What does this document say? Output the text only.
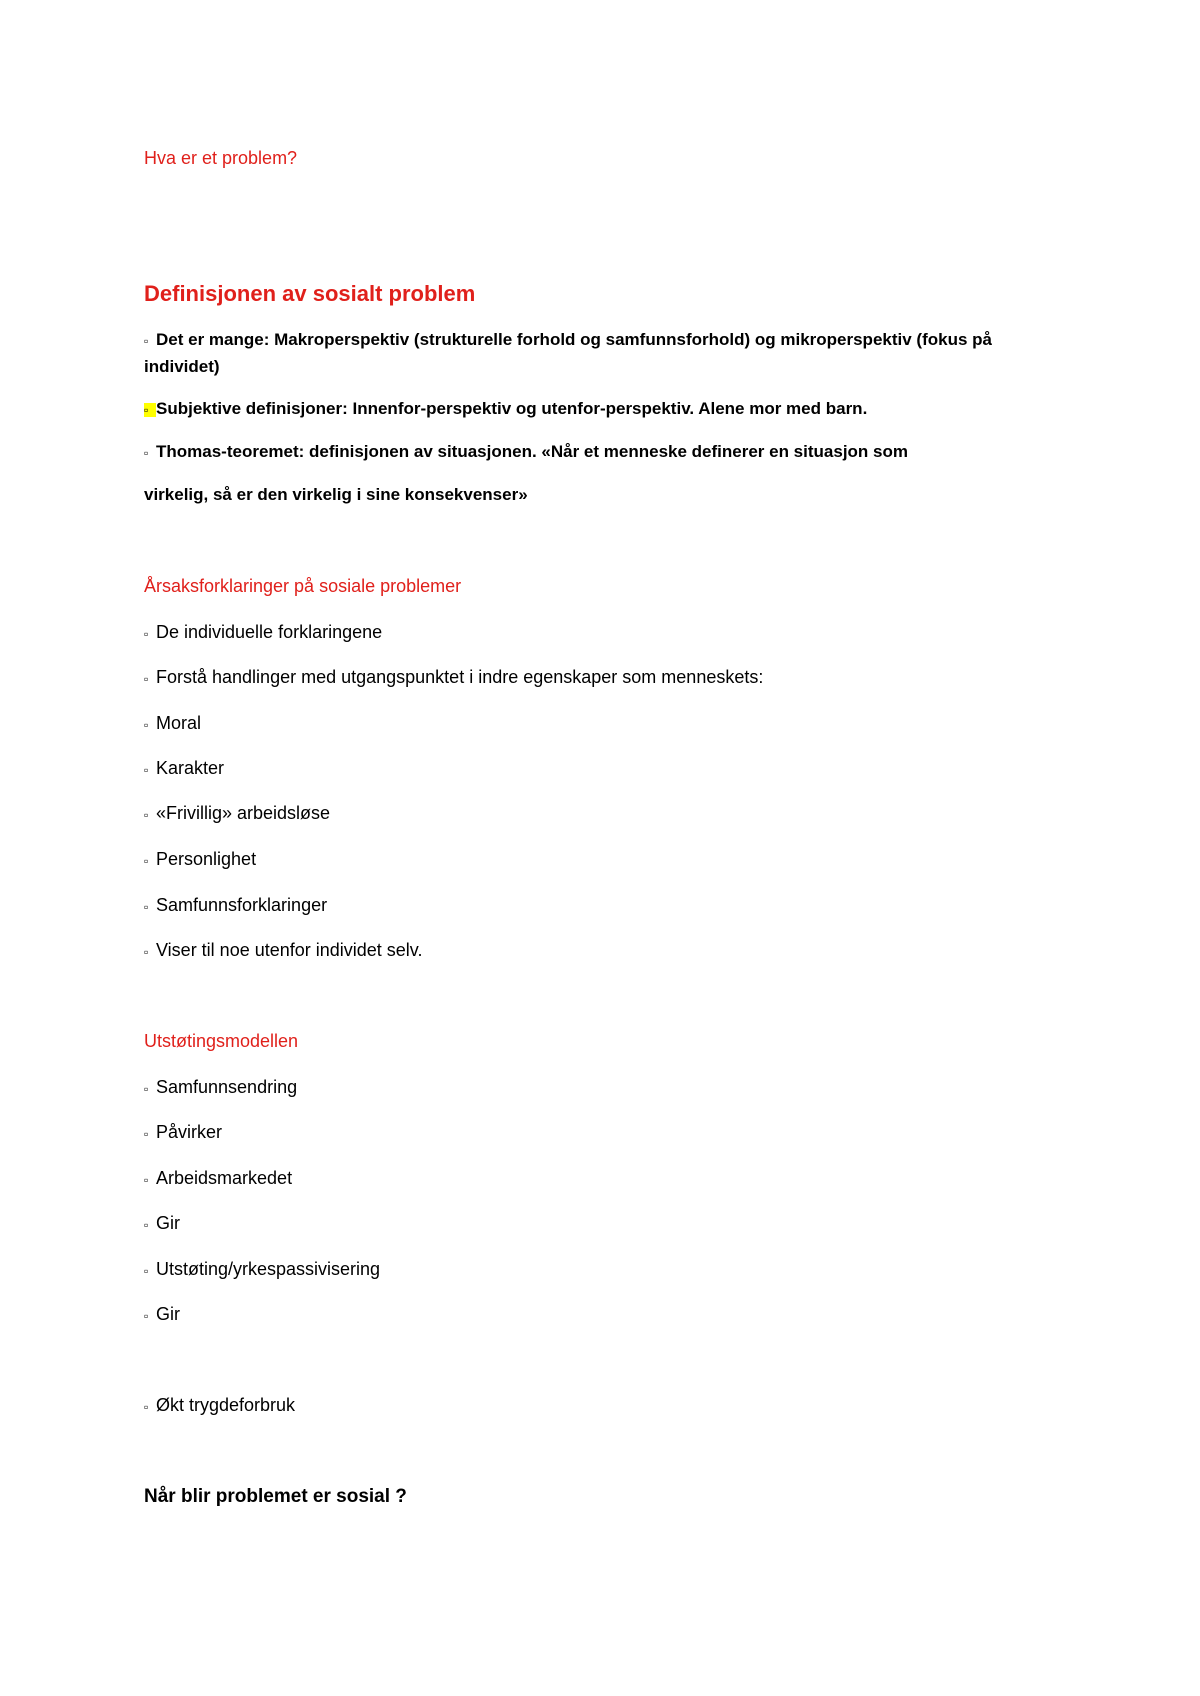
Hva er et problem?
Definisjonen av sosialt problem
▫ Det er mange: Makroperspektiv (strukturelle forhold og samfunnsforhold) og mikroperspektiv (fokus på
individet)
▫ Subjektive definisjoner: Innenfor-perspektiv og utenfor-perspektiv. Alene mor med barn.
▫ Thomas-teoremet: definisjonen av situasjonen. «Når et menneske definerer en situasjon som
virkelig, så er den virkelig i sine konsekvenser»
Årsaksforklaringer på sosiale problemer
▫ De individuelle forklaringene
▫ Forstå handlinger med utgangspunktet i indre egenskaper som menneskets:
▫ Moral
▫ Karakter
▫ «Frivillig» arbeidsløse
▫ Personlighet
▫ Samfunnsforklaringer
▫ Viser til noe utenfor individet selv.
Utstøtingsmodellen
▫ Samfunnsendring
▫ Påvirker
▫ Arbeidsmarkedet
▫ Gir
▫ Utstøting/yrkespassivisering
▫ Gir
▫ Økt trygdeforbruk
Når blir problemet er sosial ?
